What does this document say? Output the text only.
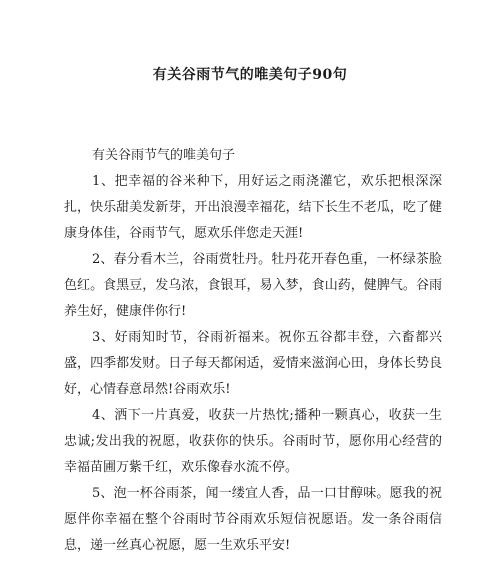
有关谷雨节气的唯美句子90句

有关谷雨节气的唯美句子

1、把幸福的谷米种下，用好运之雨浇灌它，欢乐把根深深扎，快乐甜美发新芽，开出浪漫幸福花，结下长生不老瓜，吃了健康身体佳，谷雨节气，愿欢乐伴您走天涯!

2、春分看木兰，谷雨赏牡丹。牡丹花开春色重，一杯绿茶脸色红。食黑豆，发乌浓，食银耳，易入梦，食山药，健脾气。谷雨养生好，健康伴你行!

3、好雨知时节，谷雨祈福来。祝你五谷都丰登，六畜都兴盛，四季都发财。日子每天都闲适，爱情来滋润心田，身体长势良好，心情春意昂然!谷雨欢乐!

4、洒下一片真爱，收获一片热忱;播种一颗真心，收获一生忠诚;发出我的祝愿，收获你的快乐。谷雨时节，愿你用心经营的幸福苗圃万紫千红，欢乐像春水流不停。

5、泡一杯谷雨茶，闻一缕宜人香，品一口甘醇味。愿我的祝愿伴你幸福在整个谷雨时节谷雨欢乐短信祝愿语。发一条谷雨信息，递一丝真心祝愿，愿一生欢乐平安!
